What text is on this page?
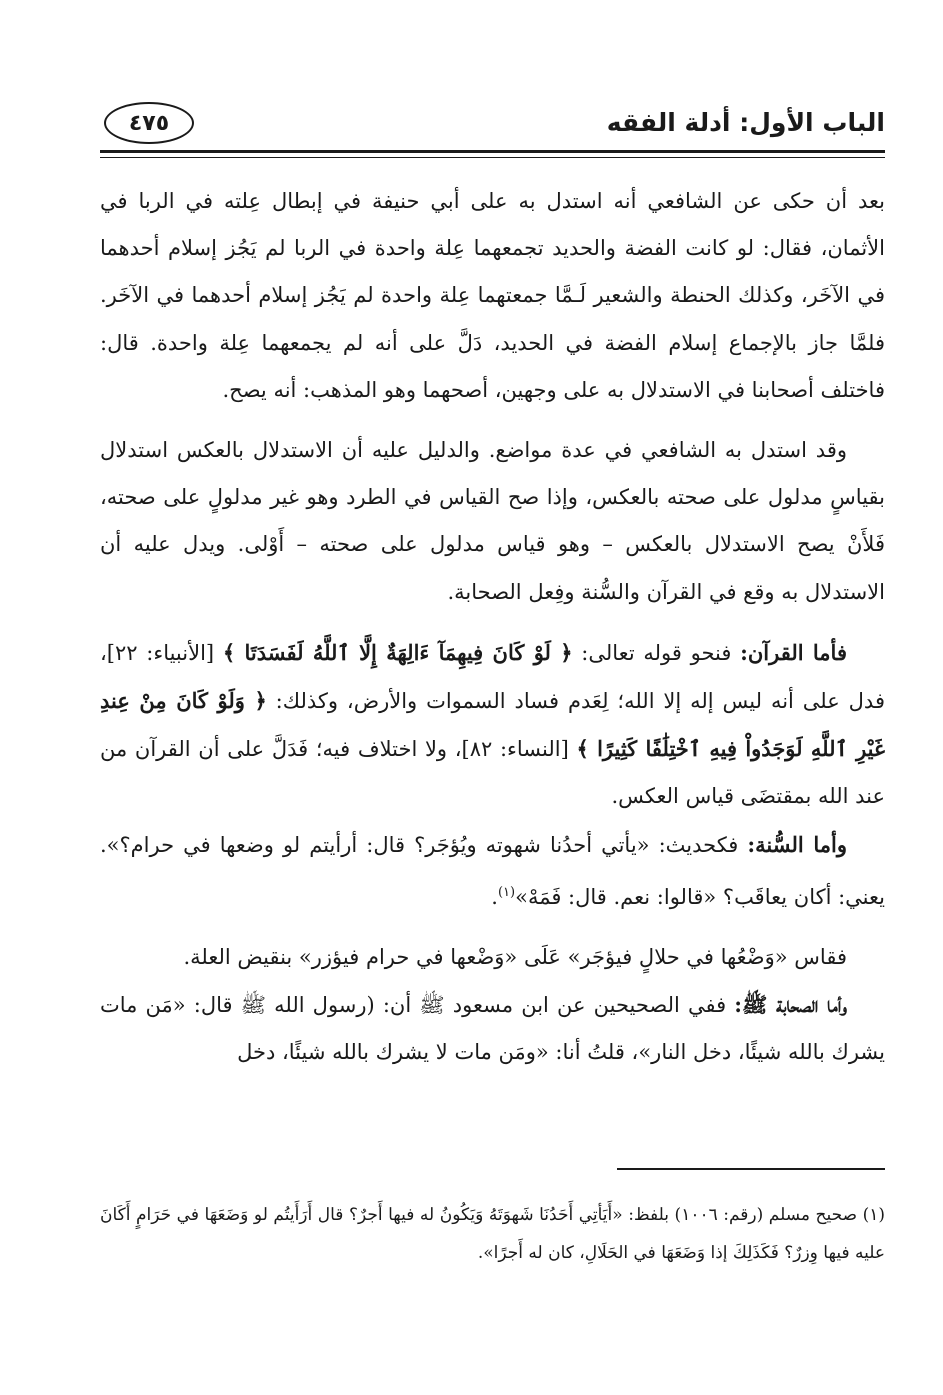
الباب الأول: أدلة الفقه
٤٧٥

بعد أن حكى عن الشافعي أنه استدل به على أبي حنيفة في إبطال عِلته في الربا في الأثمان، فقال: لو كانت الفضة والحديد تجمعهما عِلة واحدة في الربا لم يَجُز إسلام أحدهما في الآخَر، وكذلك الحنطة والشعير لَـمَّا جمعتهما عِلة واحدة لم يَجُز إسلام أحدهما في الآخَر. فلمَّا جاز بالإجماع إسلام الفضة في الحديد، دَلَّ على أنه لم يجمعهما عِلة واحدة. قال: فاختلف أصحابنا في الاستدلال به على وجهين، أصحهما وهو المذهب: أنه يصح.

وقد استدل به الشافعي في عدة مواضع. والدليل عليه أن الاستدلال بالعكس استدلال بقياسٍ مدلول على صحته بالعكس، وإذا صح القياس في الطرد وهو غير مدلولٍ على صحته، فَلأَنْ يصح الاستدلال بالعكس – وهو قياس مدلول على صحته – أَوْلى. ويدل عليه أن الاستدلال به وقع في القرآن والسُّنة وفِعل الصحابة.

فأما القرآن: فنحو قوله تعالى: ﴿ لَوْ كَانَ فِيهِمَآ ءَالِهَةٌ إِلَّا ٱللَّهُ لَفَسَدَتَا ﴾ [الأنبياء: ٢٢]، فدل على أنه ليس إله إلا الله؛ لِعَدم فساد السموات والأرض، وكذلك: ﴿ وَلَوْ كَانَ مِنْ عِندِ غَيْرِ ٱللَّهِ لَوَجَدُواْ فِيهِ ٱخْتِلَٰفًا كَثِيرًا ﴾ [النساء: ٨٢]، ولا اختلاف فيه؛ فَدَلَّ على أن القرآن من عند الله بمقتضَى قياس العكس.

وأما السُّنة: فكحديث: «يأتي أحدُنا شهوته ويُؤجَر؟ قال: أرأيتم لو وضعها في حرام؟». يعني: أكان يعاقَب؟ «قالوا: نعم. قال: فَمَهْ»$^{(١)}$.

فقاس «وَضْعُها في حلالٍ فيؤجَر» عَلَى «وَضْعها في حرام فيؤزر» بنقيض العلة.

وأما الصحابة ﷺ: ففي الصحيحين عن ابن مسعود ﷺ أن: (رسول الله ﷺ قال: «مَن مات يشرك بالله شيئًا، دخل النار»، قلتُ أنا: «ومَن مات لا يشرك بالله شيئًا، دخل

(١) صحيح مسلم (رقم: ١٠٠٦) بلفظ: «أَيَأتِي أَحَدُنَا شَهوَتَهُ وَيَكُونُ له فيها أَجرٌ؟ قال أَرَأَيتُم لو وَضَعَهَا في حَرَامٍ أَكَانَ عليه فيها وِزرٌ؟ فَكَذَلِكَ إذا وَضَعَهَا في الحَلَالِ، كان له أَجرًا».
